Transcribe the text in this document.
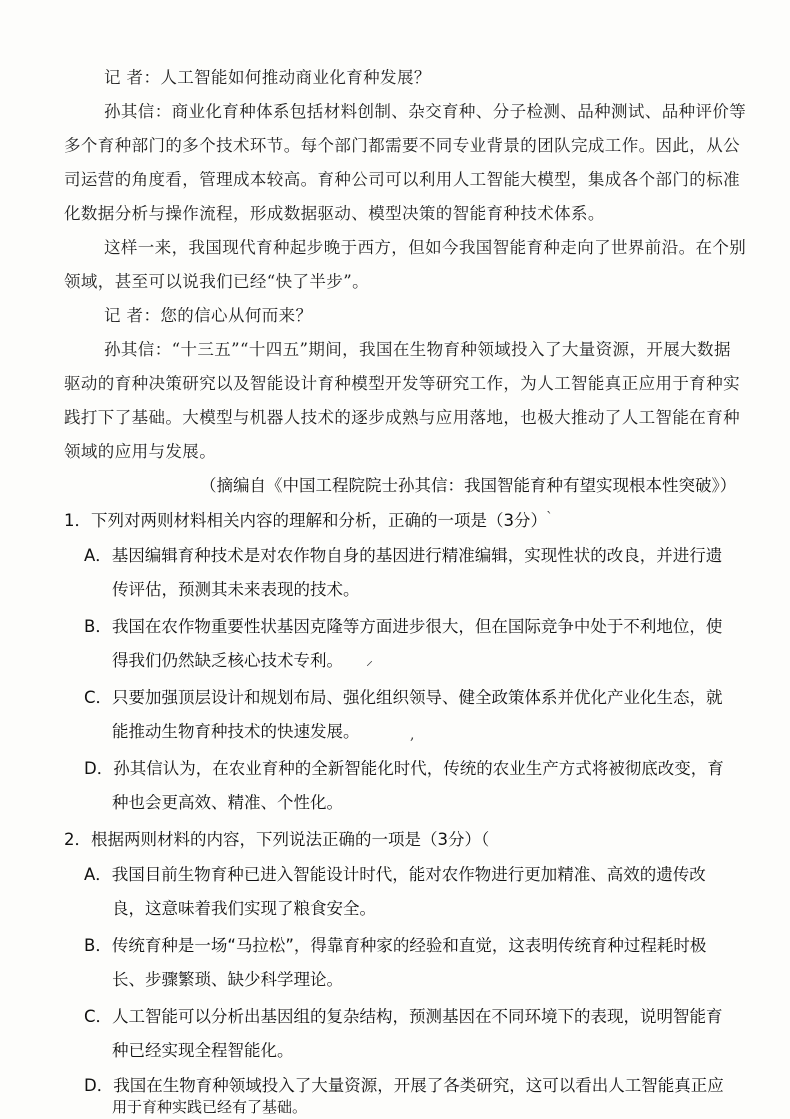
记 者：人工智能如何推动商业化育种发展？
孙其信：商业化育种体系包括材料创制、杂交育种、分子检测、品种测试、品种评价等
多个育种部门的多个技术环节。每个部门都需要不同专业背景的团队完成工作。因此，从公
司运营的角度看，管理成本较高。育种公司可以利用人工智能大模型，集成各个部门的标准
化数据分析与操作流程，形成数据驱动、模型决策的智能育种技术体系。
这样一来，我国现代育种起步晚于西方，但如今我国智能育种走向了世界前沿。在个别
领域，甚至可以说我们已经“快了半步”。
记 者：您的信心从何而来？
孙其信：“十三五”“十四五”期间，我国在生物育种领域投入了大量资源，开展大数据
驱动的育种决策研究以及智能设计育种模型开发等研究工作，为人工智能真正应用于育种实
践打下了基础。大模型与机器人技术的逐步成熟与应用落地，也极大推动了人工智能在育种
领域的应用与发展。
（摘编自《中国工程院院士孙其信：我国智能育种有望实现根本性突破》）
1．下列对两则材料相关内容的理解和分析，正确的一项是（3分） `
A．基因编辑育种技术是对农作物自身的基因进行精准编辑，实现性状的改良，并进行遗
传评估，预测其未来表现的技术。
B．我国在农作物重要性状基因克隆等方面进步很大，但在国际竞争中处于不利地位，使
得我们仍然缺乏核心技术专利。 ⸝
C．只要加强顶层设计和规划布局、强化组织领导、健全政策体系并优化产业化生态，就
能推动生物育种技术的快速发展。	,
D．孙其信认为，在农业育种的全新智能化时代，传统的农业生产方式将被彻底改变，育
种也会更高效、精准、个性化。
2．根据两则材料的内容，下列说法正确的一项是（3分）（
A．我国目前生物育种已进入智能设计时代，能对农作物进行更加精准、高效的遗传改
良，这意味着我们实现了粮食安全。
B．传统育种是一场“马拉松”，得靠育种家的经验和直觉，这表明传统育种过程耗时极
长、步骤繁琐、缺少科学理论。
C．人工智能可以分析出基因组的复杂结构，预测基因在不同环境下的表现，说明智能育
种已经实现全程智能化。
D．我国在生物育种领域投入了大量资源，开展了各类研究，这可以看出人工智能真正应
用于育种实践已经有了基础。
